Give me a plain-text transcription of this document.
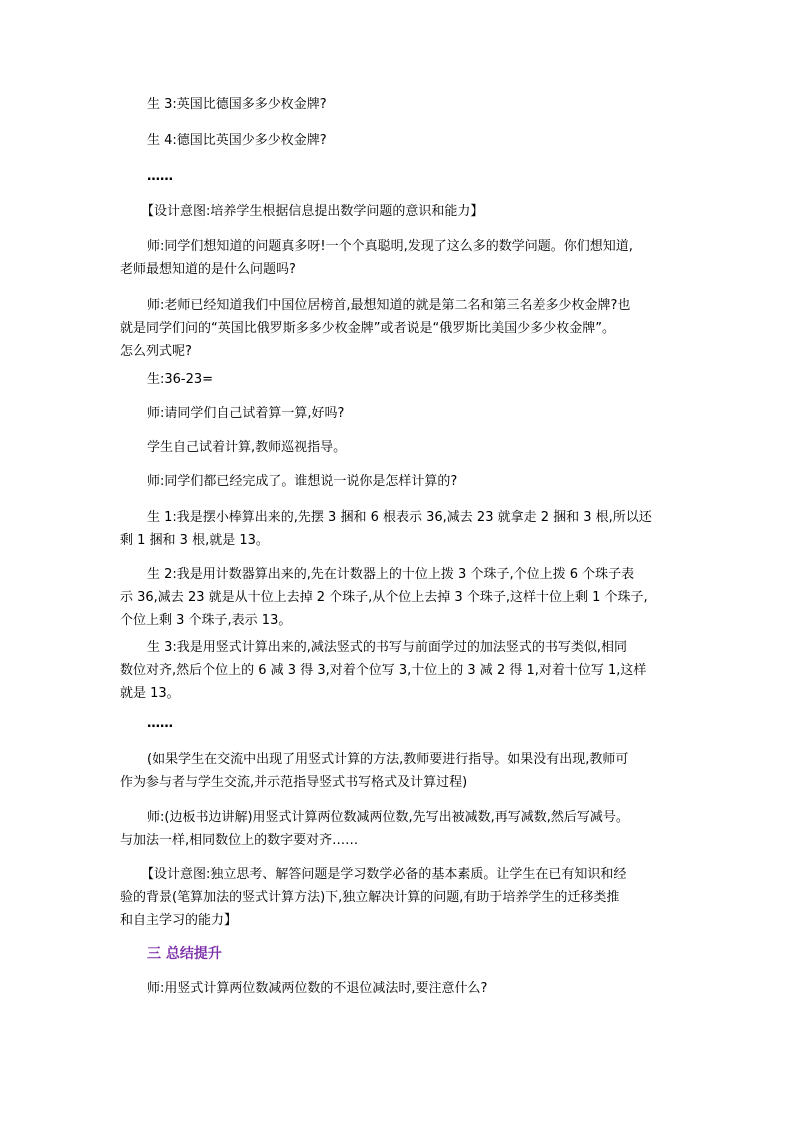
生 3:英国比德国多多少枚金牌?
生 4:德国比英国少多少枚金牌?
……
【设计意图:培养学生根据信息提出数学问题的意识和能力】
师:同学们想知道的问题真多呀!一个个真聪明,发现了这么多的数学问题。你们想知道,
老师最想知道的是什么问题吗?
师:老师已经知道我们中国位居榜首,最想知道的就是第二名和第三名差多少枚金牌?也
就是同学们问的“英国比俄罗斯多多少枚金牌”或者说是“俄罗斯比美国少多少枚金牌”。
怎么列式呢?
生:36-23=
师:请同学们自己试着算一算,好吗?
学生自己试着计算,教师巡视指导。
师:同学们都已经完成了。谁想说一说你是怎样计算的?
生 1:我是摆小棒算出来的,先摆 3 捆和 6 根表示 36,减去 23 就拿走 2 捆和 3 根,所以还
剩 1 捆和 3 根,就是 13。
生 2:我是用计数器算出来的,先在计数器上的十位上拨 3 个珠子,个位上拨 6 个珠子表
示 36,减去 23 就是从十位上去掉 2 个珠子,从个位上去掉 3 个珠子,这样十位上剩 1 个珠子,
个位上剩 3 个珠子,表示 13。
生 3:我是用竖式计算出来的,减法竖式的书写与前面学过的加法竖式的书写类似,相同
数位对齐,然后个位上的 6 减 3 得 3,对着个位写 3,十位上的 3 减 2 得 1,对着十位写 1,这样
就是 13。
……
(如果学生在交流中出现了用竖式计算的方法,教师要进行指导。如果没有出现,教师可
作为参与者与学生交流,并示范指导竖式书写格式及计算过程)
师:(边板书边讲解)用竖式计算两位数减两位数,先写出被减数,再写减数,然后写减号。
与加法一样,相同数位上的数字要对齐……
【设计意图:独立思考、解答问题是学习数学必备的基本素质。让学生在已有知识和经
验的背景(笔算加法的竖式计算方法)下,独立解决计算的问题,有助于培养学生的迁移类推
和自主学习的能力】
三 总结提升
师:用竖式计算两位数减两位数的不退位减法时,要注意什么?
